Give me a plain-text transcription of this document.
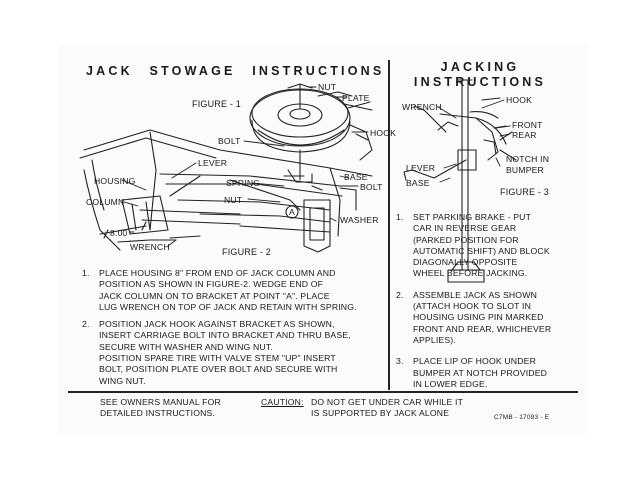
JACK STOWAGE INSTRUCTIONS	JACKING
INSTRUCTIONS
FIGURE - 1
FIGURE - 2
FIGURE - 3
NUT
PLATE
HOOK
BOLT
LEVER
HOUSING	SPRING
BASE
BOLT
COLUMN	NUT
A
WASHER
8.00
WRENCH
WRENCH
HOOK
FRONT
REAR
LEVER
BASE
NOTCH IN
BUMPER
1. PLACE HOUSING 8" FROM END OF JACK COLUMN AND
POSITION AS SHOWN IN FIGURE-2. WEDGE END OF
JACK COLUMN ON TO BRACKET AT POINT "A". PLACE
LUG WRENCH ON TOP OF JACK AND RETAIN WITH SPRING.
2. POSITION JACK HOOK AGAINST BRACKET AS SHOWN,
INSERT CARRIAGE BOLT INTO BRACKET AND THRU BASE,
SECURE WITH WASHER AND WING NUT.
POSITION SPARE TIRE WITH VALVE STEM "UP" INSERT
BOLT, POSITION PLATE OVER BOLT AND SECURE WITH
WING NUT.
1. SET PARKING BRAKE - PUT
CAR IN REVERSE GEAR
(PARKED POSITION FOR
AUTOMATIC SHIFT) AND BLOCK
DIAGONALLY OPPOSITE
WHEEL BEFORE JACKING.
2. ASSEMBLE JACK AS SHOWN
(ATTACH HOOK TO SLOT IN
HOUSING USING PIN MARKED
FRONT AND REAR, WHICHEVER
APPLIES).
3. PLACE LIP OF HOOK UNDER
BUMPER AT NOTCH PROVIDED
IN LOWER EDGE.
SEE OWNERS MANUAL FOR
DETAILED INSTRUCTIONS.
CAUTION: DO NOT GET UNDER CAR WHILE IT
IS SUPPORTED BY JACK ALONE	C7MB - 17093 - E
